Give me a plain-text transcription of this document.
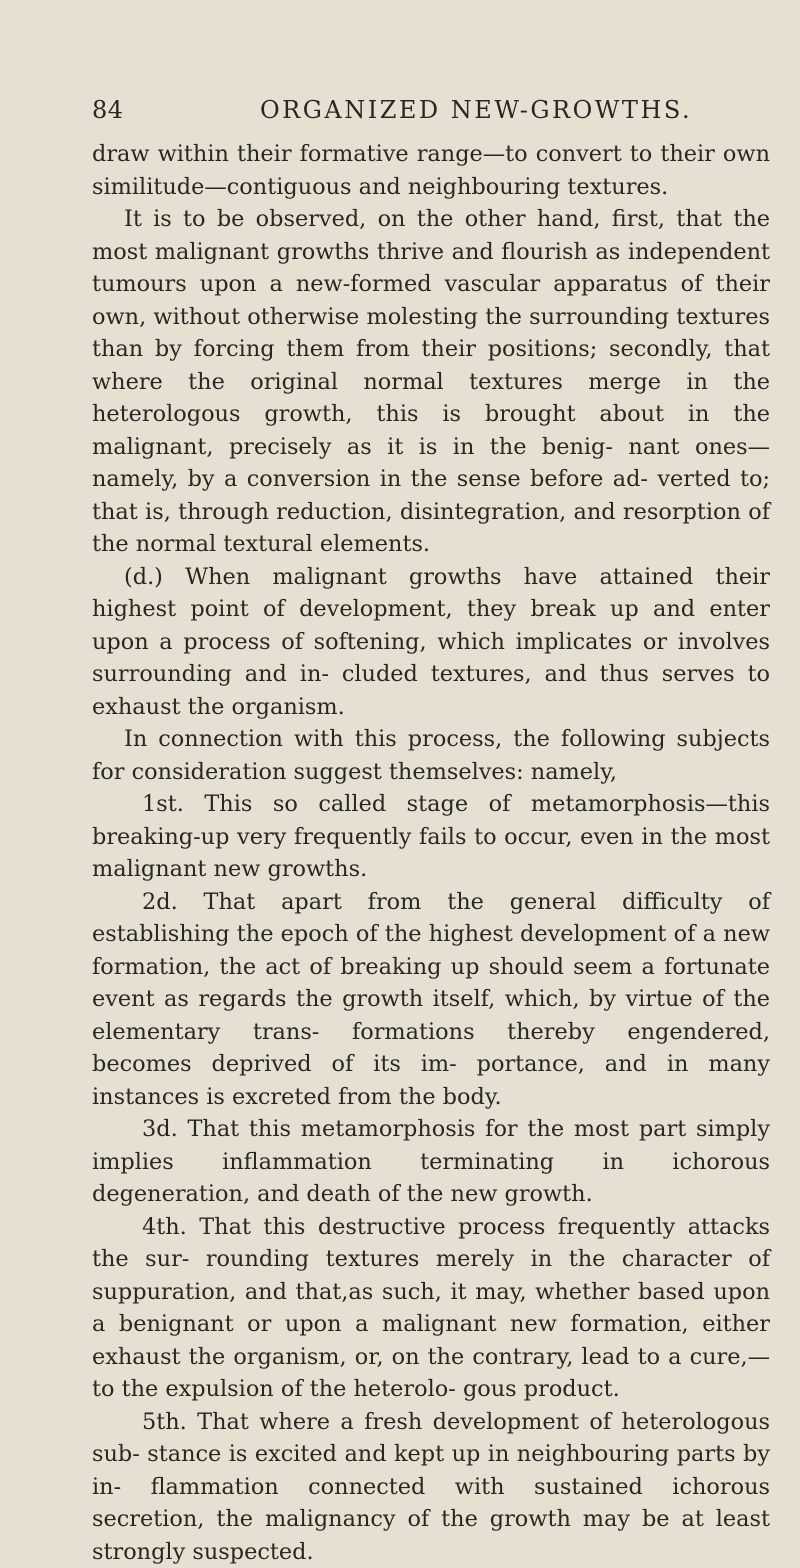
84	ORGANIZED NEW-GROWTHS.

draw within their formative range—to convert to their own similitude—contiguous and neighbouring textures.

It is to be observed, on the other hand, first, that the most malignant growths thrive and flourish as independent tumours upon a new-formed vascular apparatus of their own, without otherwise molesting the surrounding textures than by forcing them from their positions; secondly, that where the original normal textures merge in the heterologous growth, this is brought about in the malignant, precisely as it is in the benig- nant ones—namely, by a conversion in the sense before ad- verted to; that is, through reduction, disintegration, and resorption of the normal textural elements.

(d.) When malignant growths have attained their highest point of development, they break up and enter upon a process of softening, which implicates or involves surrounding and in- cluded textures, and thus serves to exhaust the organism.

In connection with this process, the following subjects for consideration suggest themselves: namely,

1st. This so called stage of metamorphosis—this breaking-up very frequently fails to occur, even in the most malignant new growths.

2d. That apart from the general difficulty of establishing the epoch of the highest development of a new formation, the act of breaking up should seem a fortunate event as regards the growth itself, which, by virtue of the elementary trans- formations thereby engendered, becomes deprived of its im- portance, and in many instances is excreted from the body.

3d. That this metamorphosis for the most part simply implies inflammation terminating in ichorous degeneration, and death of the new growth.

4th. That this destructive process frequently attacks the sur- rounding textures merely in the character of suppuration, and that,as such, it may, whether based upon a benignant or upon a malignant new formation, either exhaust the organism, or, on the contrary, lead to a cure,—to the expulsion of the heterolo- gous product.

5th. That where a fresh development of heterologous sub- stance is excited and kept up in neighbouring parts by in- flammation connected with sustained ichorous secretion, the malignancy of the growth may be at least strongly suspected.
